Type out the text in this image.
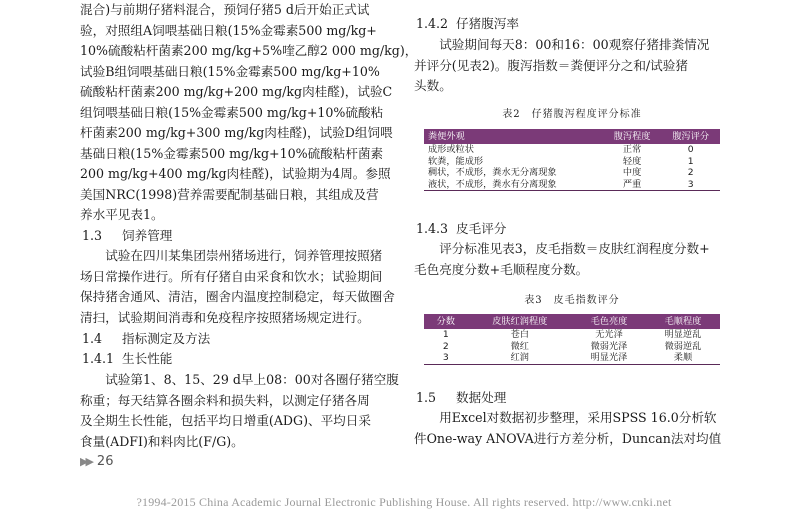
混合)与前期仔猪料混合，预饲仔猪5 d后开始正式试
验，对照组A饲喂基础日粮(15%金霉素500 mg/kg+
10%硫酸粘杆菌素200 mg/kg+5%喹乙醇2 000 mg/kg)，
试验B组饲喂基础日粮(15%金霉素500 mg/kg+10%
硫酸粘杆菌素200 mg/kg+200 mg/kg肉桂醛)，试验C
组饲喂基础日粮(15%金霉素500 mg/kg+10%硫酸粘
杆菌素200 mg/kg+300 mg/kg肉桂醛)，试验D组饲喂
基础日粮(15%金霉素500 mg/kg+10%硫酸粘杆菌素
200 mg/kg+400 mg/kg肉桂醛)，试验期为4周。参照
美国NRC(1998)营养需要配制基础日粮，其组成及营
养水平见表1。
1.3 饲养管理
试验在四川某集团崇州猪场进行，饲养管理按照猪
场日常操作进行。所有仔猪自由采食和饮水；试验期间
保持猪舍通风、清洁，圈舍内温度控制稳定，每天做圈舍
清扫，试验期间消毒和免疫程序按照猪场规定进行。
1.4 指标测定及方法
1.4.1 生长性能
试验第1、8、15、29 d早上08：00对各圈仔猪空腹
称重；每天结算各圈余料和损失料，以测定仔猪各周
及全期生长性能，包括平均日增重(ADG)、平均日采
食量(ADFI)和料肉比(F/G)。
1.4.2 仔猪腹泻率
试验期间每天8：00和16：00观察仔猪排粪情况
并评分(见表2)。腹泻指数＝粪便评分之和/试验猪
头数。

表2　仔猪腹泻程度评分标准

粪便外观	腹泻程度	腹泻评分
成形或粒状	正常	0
软粪，能成形	轻度	1
稠状，不成形，粪水无分离现象	中度	2
液状，不成形，粪水有分离现象	严重	3
1.4.3 皮毛评分
评分标准见表3，皮毛指数＝皮肤红润程度分数+
毛色亮度分数+毛顺程度分数。

表3　皮毛指数评分

分数	皮肤红润程度	毛色亮度	毛顺程度
1	苍白	无光泽	明显逆乱
2	微红	微弱光泽	微弱逆乱
3	红润	明显光泽	柔顺
1.5 数据处理
用Excel对数据初步整理，采用SPSS 16.0分析软
件One-way ANOVA进行方差分析，Duncan法对均值
▶▶ 26
?1994-2015 China Academic Journal Electronic Publishing House. All rights reserved. http://www.cnki.net
